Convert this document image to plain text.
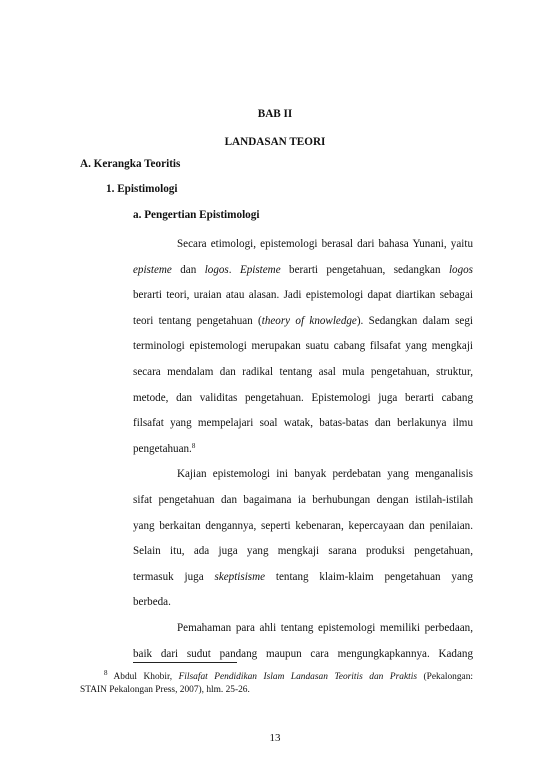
BAB II

LANDASAN TEORI

A. Kerangka Teoritis

1. Epistimologi

a. Pengertian Epistimologi

Secara etimologi, epistemologi berasal dari bahasa Yunani, yaitu
episteme dan logos. Episteme berarti pengetahuan, sedangkan logos
berarti teori, uraian atau alasan. Jadi epistemologi dapat diartikan sebagai
teori tentang pengetahuan (theory of knowledge). Sedangkan dalam segi
terminologi epistemologi merupakan suatu cabang filsafat yang mengkaji
secara mendalam dan radikal tentang asal mula pengetahuan, struktur,
metode, dan validitas pengetahuan. Epistemologi juga berarti cabang
filsafat yang mempelajari soal watak, batas-batas dan berlakunya ilmu
pengetahuan.$^8$
Kajian epistemologi ini banyak perdebatan yang menganalisis
sifat pengetahuan dan bagaimana ia berhubungan dengan istilah-istilah
yang berkaitan dengannya, seperti kebenaran, kepercayaan dan penilaian.
Selain itu, ada juga yang mengkaji sarana produksi pengetahuan,
termasuk juga skeptisisme tentang klaim-klaim pengetahuan yang
berbeda.
Pemahaman para ahli tentang epistemologi memiliki perbedaan,
baik dari sudut pandang maupun cara mengungkapkannya. Kadang
13
$^8$ Abdul Khobir, Filsafat Pendidikan Islam Landasan Teoritis dan Praktis (Pekalongan:
STAIN Pekalongan Press, 2007), hlm. 25-26.
